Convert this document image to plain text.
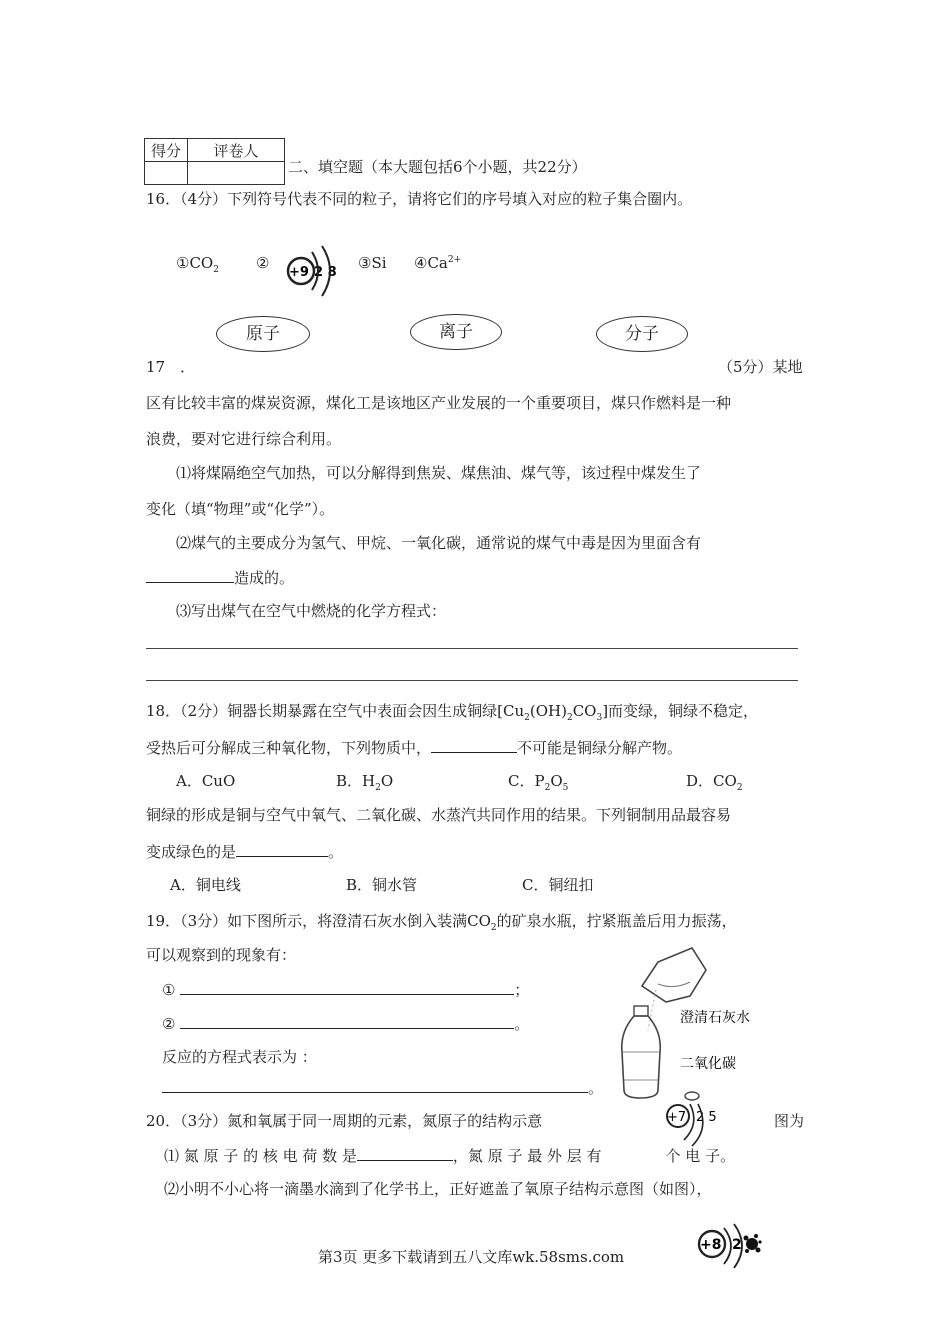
得分	评卷人

二、填空题（本大题包括6个小题，共22分）
16．（4分）下列符号代表不同的粒子，请将它们的序号填入对应的粒子集合圈内。
$①CO_2$ ②
+9 2 8
③Si $④Ca^{2+}$
原子	离子	分子
17　．	（5分）某地
区有比较丰富的煤炭资源，煤化工是该地区产业发展的一个重要项目，煤只作燃料是一种
浪费，要对它进行综合利用。
⑴将煤隔绝空气加热，可以分解得到焦炭、煤焦油、煤气等，该过程中煤发生了
变化（填“物理”或“化学”）。
⑵煤气的主要成分为氢气、甲烷、一氧化碳，通常说的煤气中毒是因为里面含有
造成的。
⑶写出煤气在空气中燃烧的化学方程式：
18．（2分）铜器长期暴露在空气中表面会因生成铜绿$[Cu_2(OH)_2CO_3]$而变绿，铜绿不稳定，
受热后可分解成三种氧化物，下列物质中，	不可能是铜绿分解产物。
A．CuO	B．$H_2O$	C．$P_2O_5$	D．$CO_2$
铜绿的形成是铜与空气中氧气、二氧化碳、水蒸汽共同作用的结果。下列铜制用品最容易
变成绿色的是	。
A．铜电线	B．铜水管	C．铜纽扣
19．（3分）如下图所示，将澄清石灰水倒入装满$CO_2$的矿泉水瓶，拧紧瓶盖后用力振荡，
可以观察到的现象有：
①	；
②	。
反应的方程式表示为 ：
。
澄清石灰水
二氧化碳
20．（3分）氮和氧属于同一周期的元素，氮原子的结构示意	+7 2 5	图为
⑴ 氮 原 子 的 核 电 荷 数 是	，氮 原 子 最 外 层 有	个 电 子。
⑵小明不小心将一滴墨水滴到了化学书上，正好遮盖了氧原子结构示意图（如图），
+8 2
第3页 更多下载请到五八文库wk.58sms.com
